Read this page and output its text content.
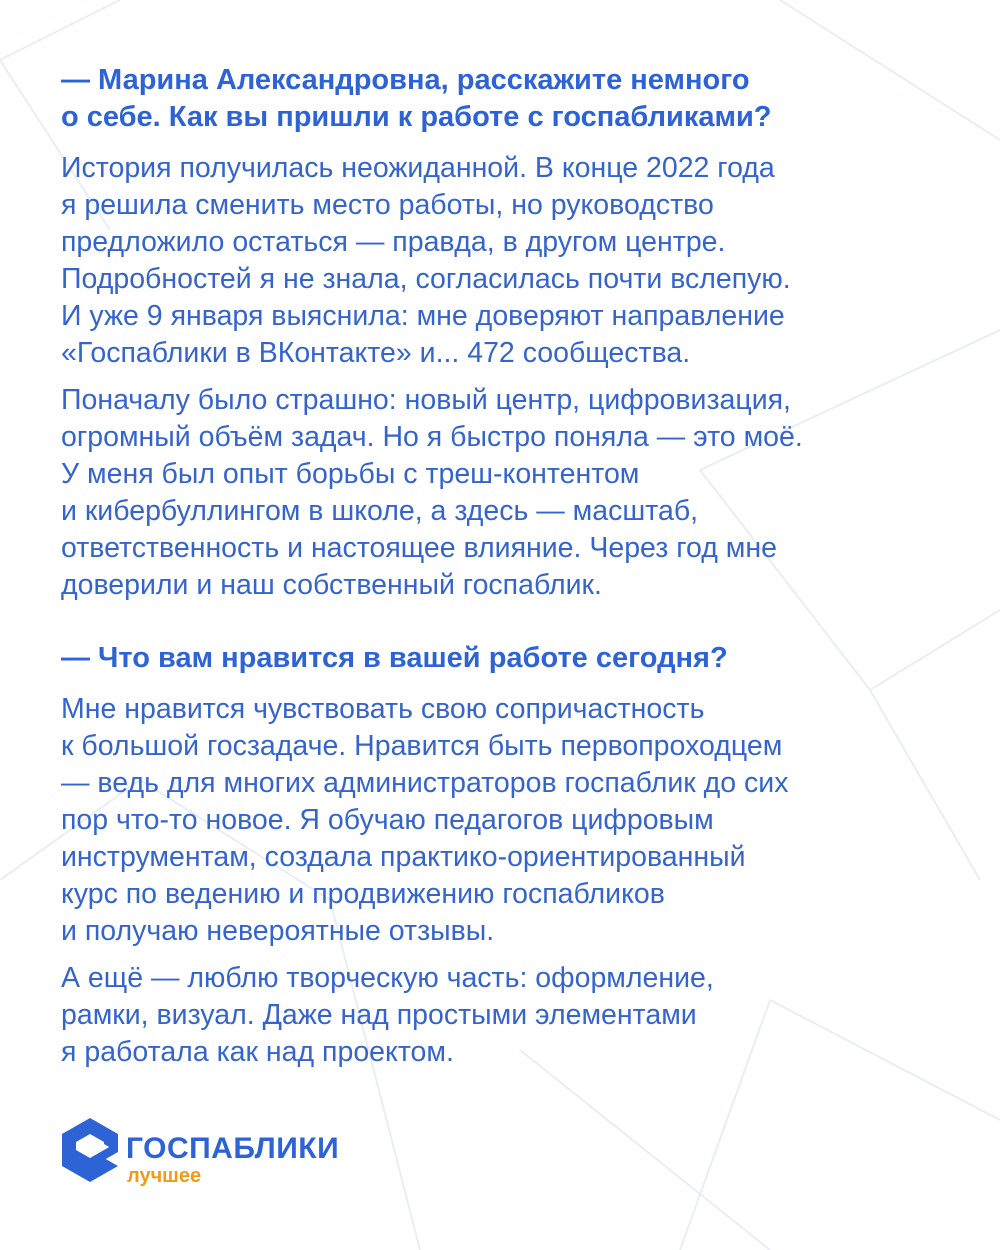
— Марина Александровна, расскажите немного
о себе. Как вы пришли к работе с госпабликами?
История получилась неожиданной. В конце 2022 года
я решила сменить место работы, но руководство
предложило остаться — правда, в другом центре.
Подробностей я не знала, согласилась почти вслепую.
И уже 9 января выяснила: мне доверяют направление
«Госпаблики в ВКонтакте» и... 472 сообщества.
Поначалу было страшно: новый центр, цифровизация,
огромный объём задач. Но я быстро поняла — это моё.
У меня был опыт борьбы с треш-контентом
и кибербуллингом в школе, а здесь — масштаб,
ответственность и настоящее влияние. Через год мне
доверили и наш собственный госпаблик.
— Что вам нравится в вашей работе сегодня?
Мне нравится чувствовать свою сопричастность
к большой госзадаче. Нравится быть первопроходцем
— ведь для многих администраторов госпаблик до сих
пор что-то новое. Я обучаю педагогов цифровым
инструментам, создала практико-ориентированный
курс по ведению и продвижению госпабликов
и получаю невероятные отзывы.
А ещё — люблю творческую часть: оформление,
рамки, визуал. Даже над простыми элементами
я работала как над проектом.
ГОСПАБЛИКИ
лучшее
